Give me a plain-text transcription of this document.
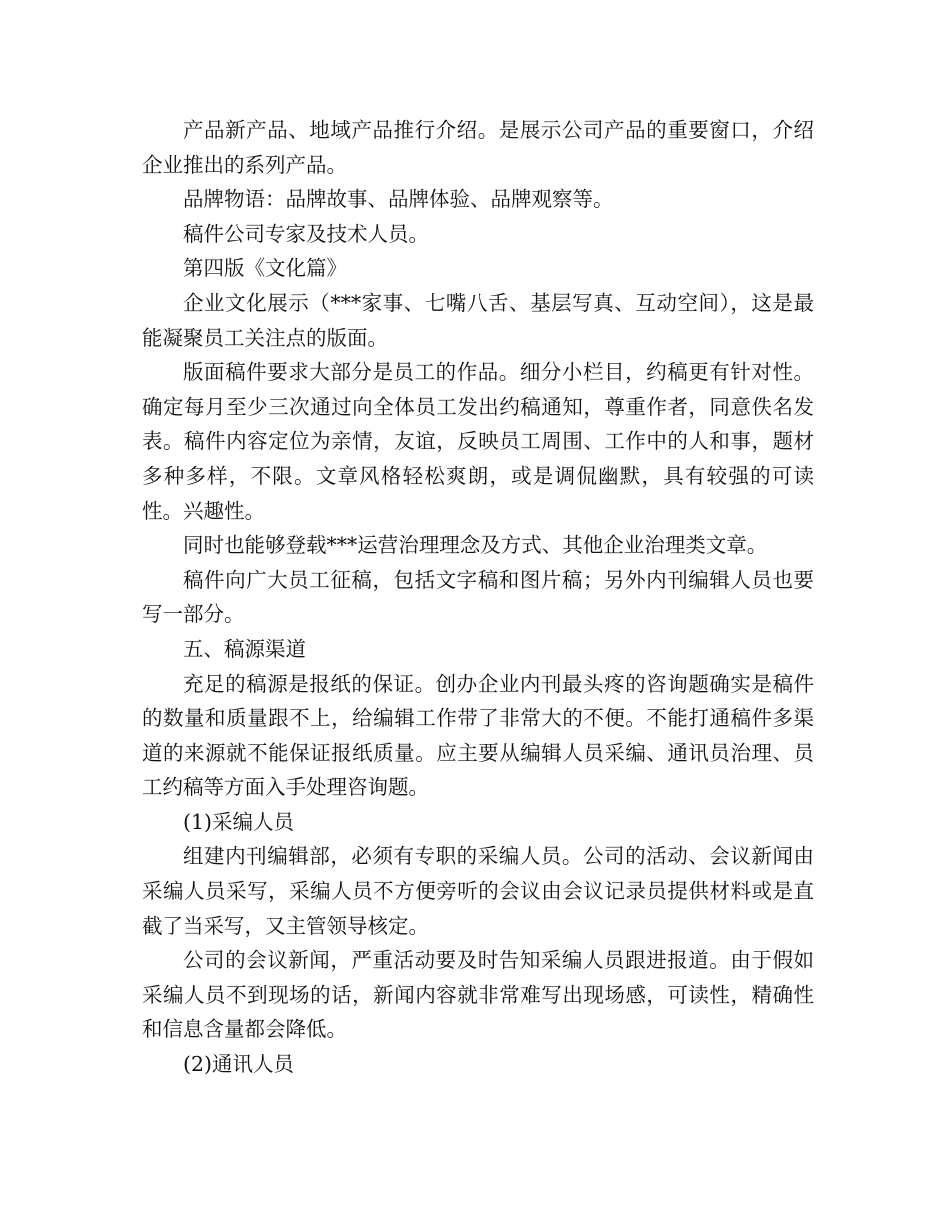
产品新产品、地域产品推行介绍。是展示公司产品的重要窗口，介绍企业推出的系列产品。

品牌物语：品牌故事、品牌体验、品牌观察等。

稿件公司专家及技术人员。

第四版《文化篇》

企业文化展示（***家事、七嘴八舌、基层写真、互动空间），这是最能凝聚员工关注点的版面。

版面稿件要求大部分是员工的作品。细分小栏目，约稿更有针对性。确定每月至少三次通过向全体员工发出约稿通知，尊重作者，同意佚名发表。稿件内容定位为亲情，友谊，反映员工周围、工作中的人和事，题材多种多样，不限。文章风格轻松爽朗，或是调侃幽默，具有较强的可读性。兴趣性。

同时也能够登载***运营治理理念及方式、其他企业治理类文章。

稿件向广大员工征稿，包括文字稿和图片稿；另外内刊编辑人员也要写一部分。

五、稿源渠道

充足的稿源是报纸的保证。创办企业内刊最头疼的咨询题确实是稿件的数量和质量跟不上，给编辑工作带了非常大的不便。不能打通稿件多渠道的来源就不能保证报纸质量。应主要从编辑人员采编、通讯员治理、员工约稿等方面入手处理咨询题。

(1)采编人员

组建内刊编辑部，必须有专职的采编人员。公司的活动、会议新闻由采编人员采写，采编人员不方便旁听的会议由会议记录员提供材料或是直截了当采写，又主管领导核定。

公司的会议新闻，严重活动要及时告知采编人员跟进报道。由于假如采编人员不到现场的话，新闻内容就非常难写出现场感，可读性，精确性和信息含量都会降低。

(2)通讯人员
